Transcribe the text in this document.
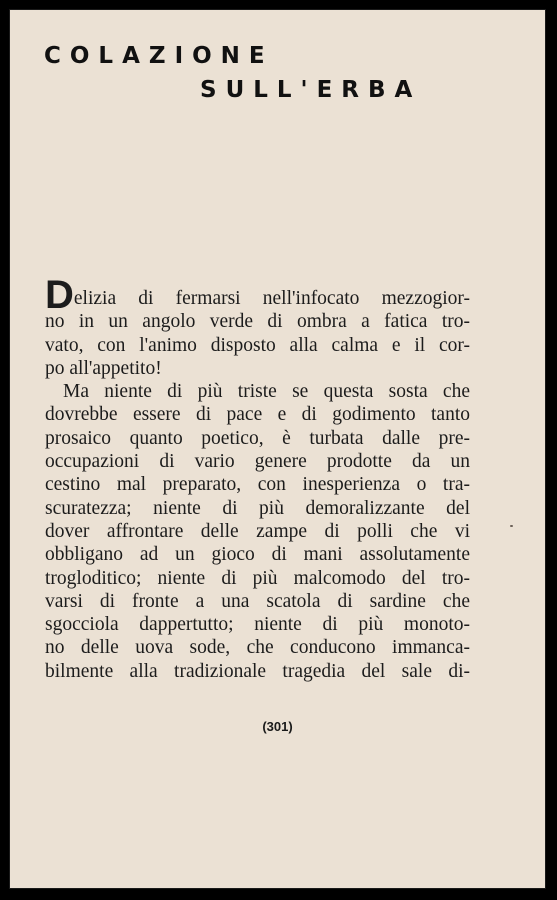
COLAZIONE
SULL'ERBA
Delizia di fermarsi nell'infocato mezzogior-
no in un angolo verde di ombra a fatica tro-
vato, con l'animo disposto alla calma e il cor-
po all'appetito!
Ma niente di più triste se questa sosta che
dovrebbe essere di pace e di godimento tanto
prosaico quanto poetico, è turbata dalle pre-
occupazioni di vario genere prodotte da un
cestino mal preparato, con inesperienza o tra-
scuratezza; niente di più demoralizzante del
dover affrontare delle zampe di polli che vi
obbligano ad un gioco di mani assolutamente
trogloditico; niente di più malcomodo del tro-
varsi di fronte a una scatola di sardine che
sgocciola dappertutto; niente di più monoto-
no delle uova sode, che conducono immanca-
bilmente alla tradizionale tragedia del sale di-
(301)
